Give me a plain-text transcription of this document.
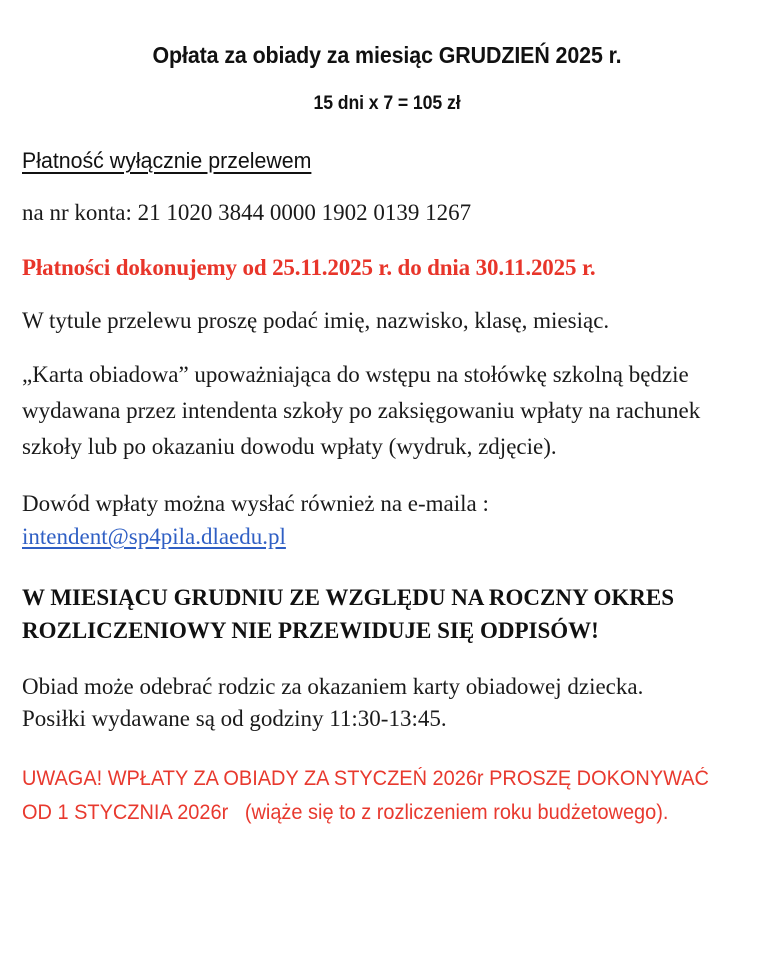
Opłata za obiady za miesiąc GRUDZIEŃ 2025 r.
15 dni x 7 = 105 zł

Płatność wyłącznie przelewem

na nr konta: 21 1020 3844 0000 1902 0139 1267

Płatności dokonujemy od 25.11.2025 r. do dnia 30.11.2025 r.

W tytule przelewu proszę podać imię, nazwisko, klasę, miesiąc.

„Karta obiadowa” upoważniająca do wstępu na stołówkę szkolną będzie wydawana przez intendenta szkoły po zaksięgowaniu wpłaty na rachunek szkoły lub po okazaniu dowodu wpłaty (wydruk, zdjęcie).

Dowód wpłaty można wysłać również na e-maila :
intendent@sp4pila.dlaedu.pl

W MIESIĄCU GRUDNIU ZE WZGLĘDU NA ROCZNY OKRES ROZLICZENIOWY NIE PRZEWIDUJE SIĘ ODPISÓW!

Obiad może odebrać rodzic za okazaniem karty obiadowej dziecka.
Posiłki wydawane są od godziny 11:30-13:45.

UWAGA! WPŁATY ZA OBIADY ZA STYCZEŃ 2026r PROSZĘ DOKONYWAĆ  OD 1 STYCZNIA 2026r   (wiąże się to z rozliczeniem roku budżetowego).
